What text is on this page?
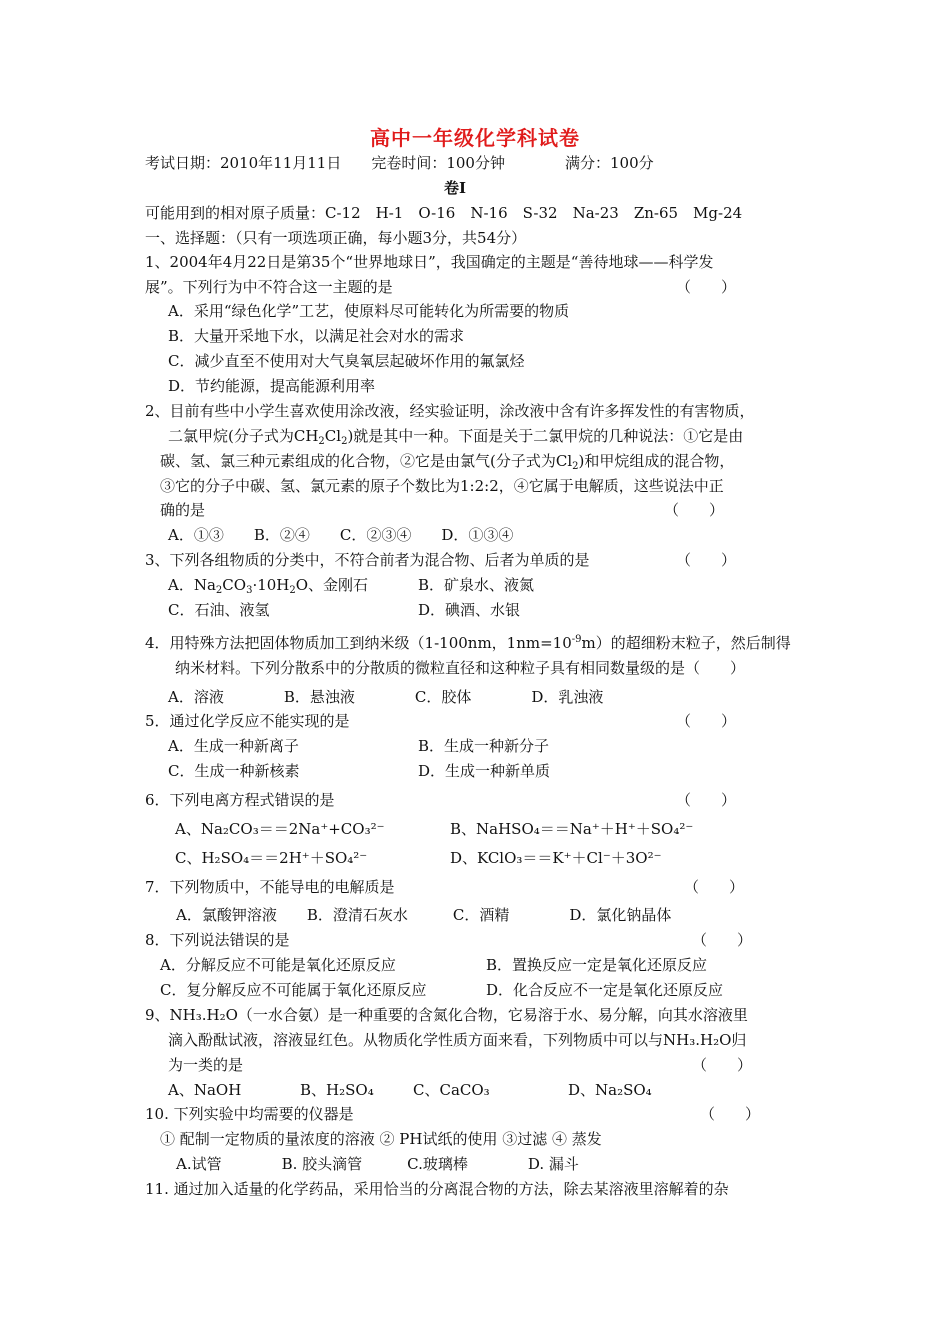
高中一年级化学科试卷
考试日期：2010年11月11日　　完卷时间：100分钟　　　　满分：100分
卷Ⅰ
可能用到的相对原子质量：C-12　H-1　O-16　N-16　S-32　Na-23　Zn-65　Mg-24
一、选择题：（只有一项选项正确，每小题3分，共54分）
1、2004年4月22日是第35个“世界地球日”，我国确定的主题是“善待地球——科学发
展”。下列行为中不符合这一主题的是	（　　）
A．采用“绿色化学”工艺，使原料尽可能转化为所需要的物质
B．大量开采地下水，以满足社会对水的需求
C．减少直至不使用对大气臭氧层起破坏作用的氟氯烃
D．节约能源，提高能源利用率
2、目前有些中小学生喜欢使用涂改液，经实验证明，涂改液中含有许多挥发性的有害物质，
二氯甲烷(分子式为$CH_2Cl_2$)就是其中一种。下面是关于二氯甲烷的几种说法：①它是由
碳、氢、氯三种元素组成的化合物，②它是由氯气(分子式为$Cl_2$)和甲烷组成的混合物，
③它的分子中碳、氢、氯元素的原子个数比为1:2:2，④它属于电解质，这些说法中正
确的是	（　　）
A．①③　　B．②④　　C．②③④　　D．①③④
3、下列各组物质的分类中，不符合前者为混合物、后者为单质的是	（　　）
A．$Na_2CO_3\cdot 10H_2O$、金刚石	B．矿泉水、液氮
C．石油、液氢	D．碘酒、水银
4．用特殊方法把固体物质加工到纳米级（1-100nm，$1nm=10^{-9}m$）的超细粉末粒子，然后制得
纳米材料。下列分散系中的分散质的微粒直径和这种粒子具有相同数量级的是（　　）
A．溶液　　　　B．悬浊液　　　　C．胶体　　　　D．乳浊液
5．通过化学反应不能实现的是	（　　）
A．生成一种新离子	B．生成一种新分子
C．生成一种新核素	D．生成一种新单质
6．下列电离方程式错误的是	（　　）
A、Na₂CO₃＝＝2Na⁺+CO₃²⁻	B、NaHSO₄＝＝Na⁺＋H⁺＋SO₄²⁻
C、H₂SO₄＝＝2H⁺＋SO₄²⁻	D、KClO₃＝＝K⁺＋Cl⁻＋3O²⁻
7．下列物质中，不能导电的电解质是	（　　）
A．氯酸钾溶液　　B．澄清石灰水　　　C．酒精　　　　D．氯化钠晶体
8．下列说法错误的是	（　　）
A．分解反应不可能是氧化还原反应	B．置换反应一定是氧化还原反应
C．复分解反应不可能属于氧化还原反应	D．化合反应不一定是氧化还原反应
9、NH₃.H₂O（一水合氨）是一种重要的含氮化合物，它易溶于水、易分解，向其水溶液里
滴入酚酞试液，溶液显红色。从物质化学性质方面来看，下列物质中可以与NH₃.H₂O归
为一类的是	（　　）
A、NaOH	B、H₂SO₄	C、CaCO₃	D、Na₂SO₄
10. 下列实验中均需要的仪器是	（　　）
① 配制一定物质的量浓度的溶液 ② PH试纸的使用 ③过滤 ④ 蒸发
A.试管　　　　B. 胶头滴管　　　C.玻璃棒　　　　D. 漏斗
11. 通过加入适量的化学药品，采用恰当的分离混合物的方法，除去某溶液里溶解着的杂
